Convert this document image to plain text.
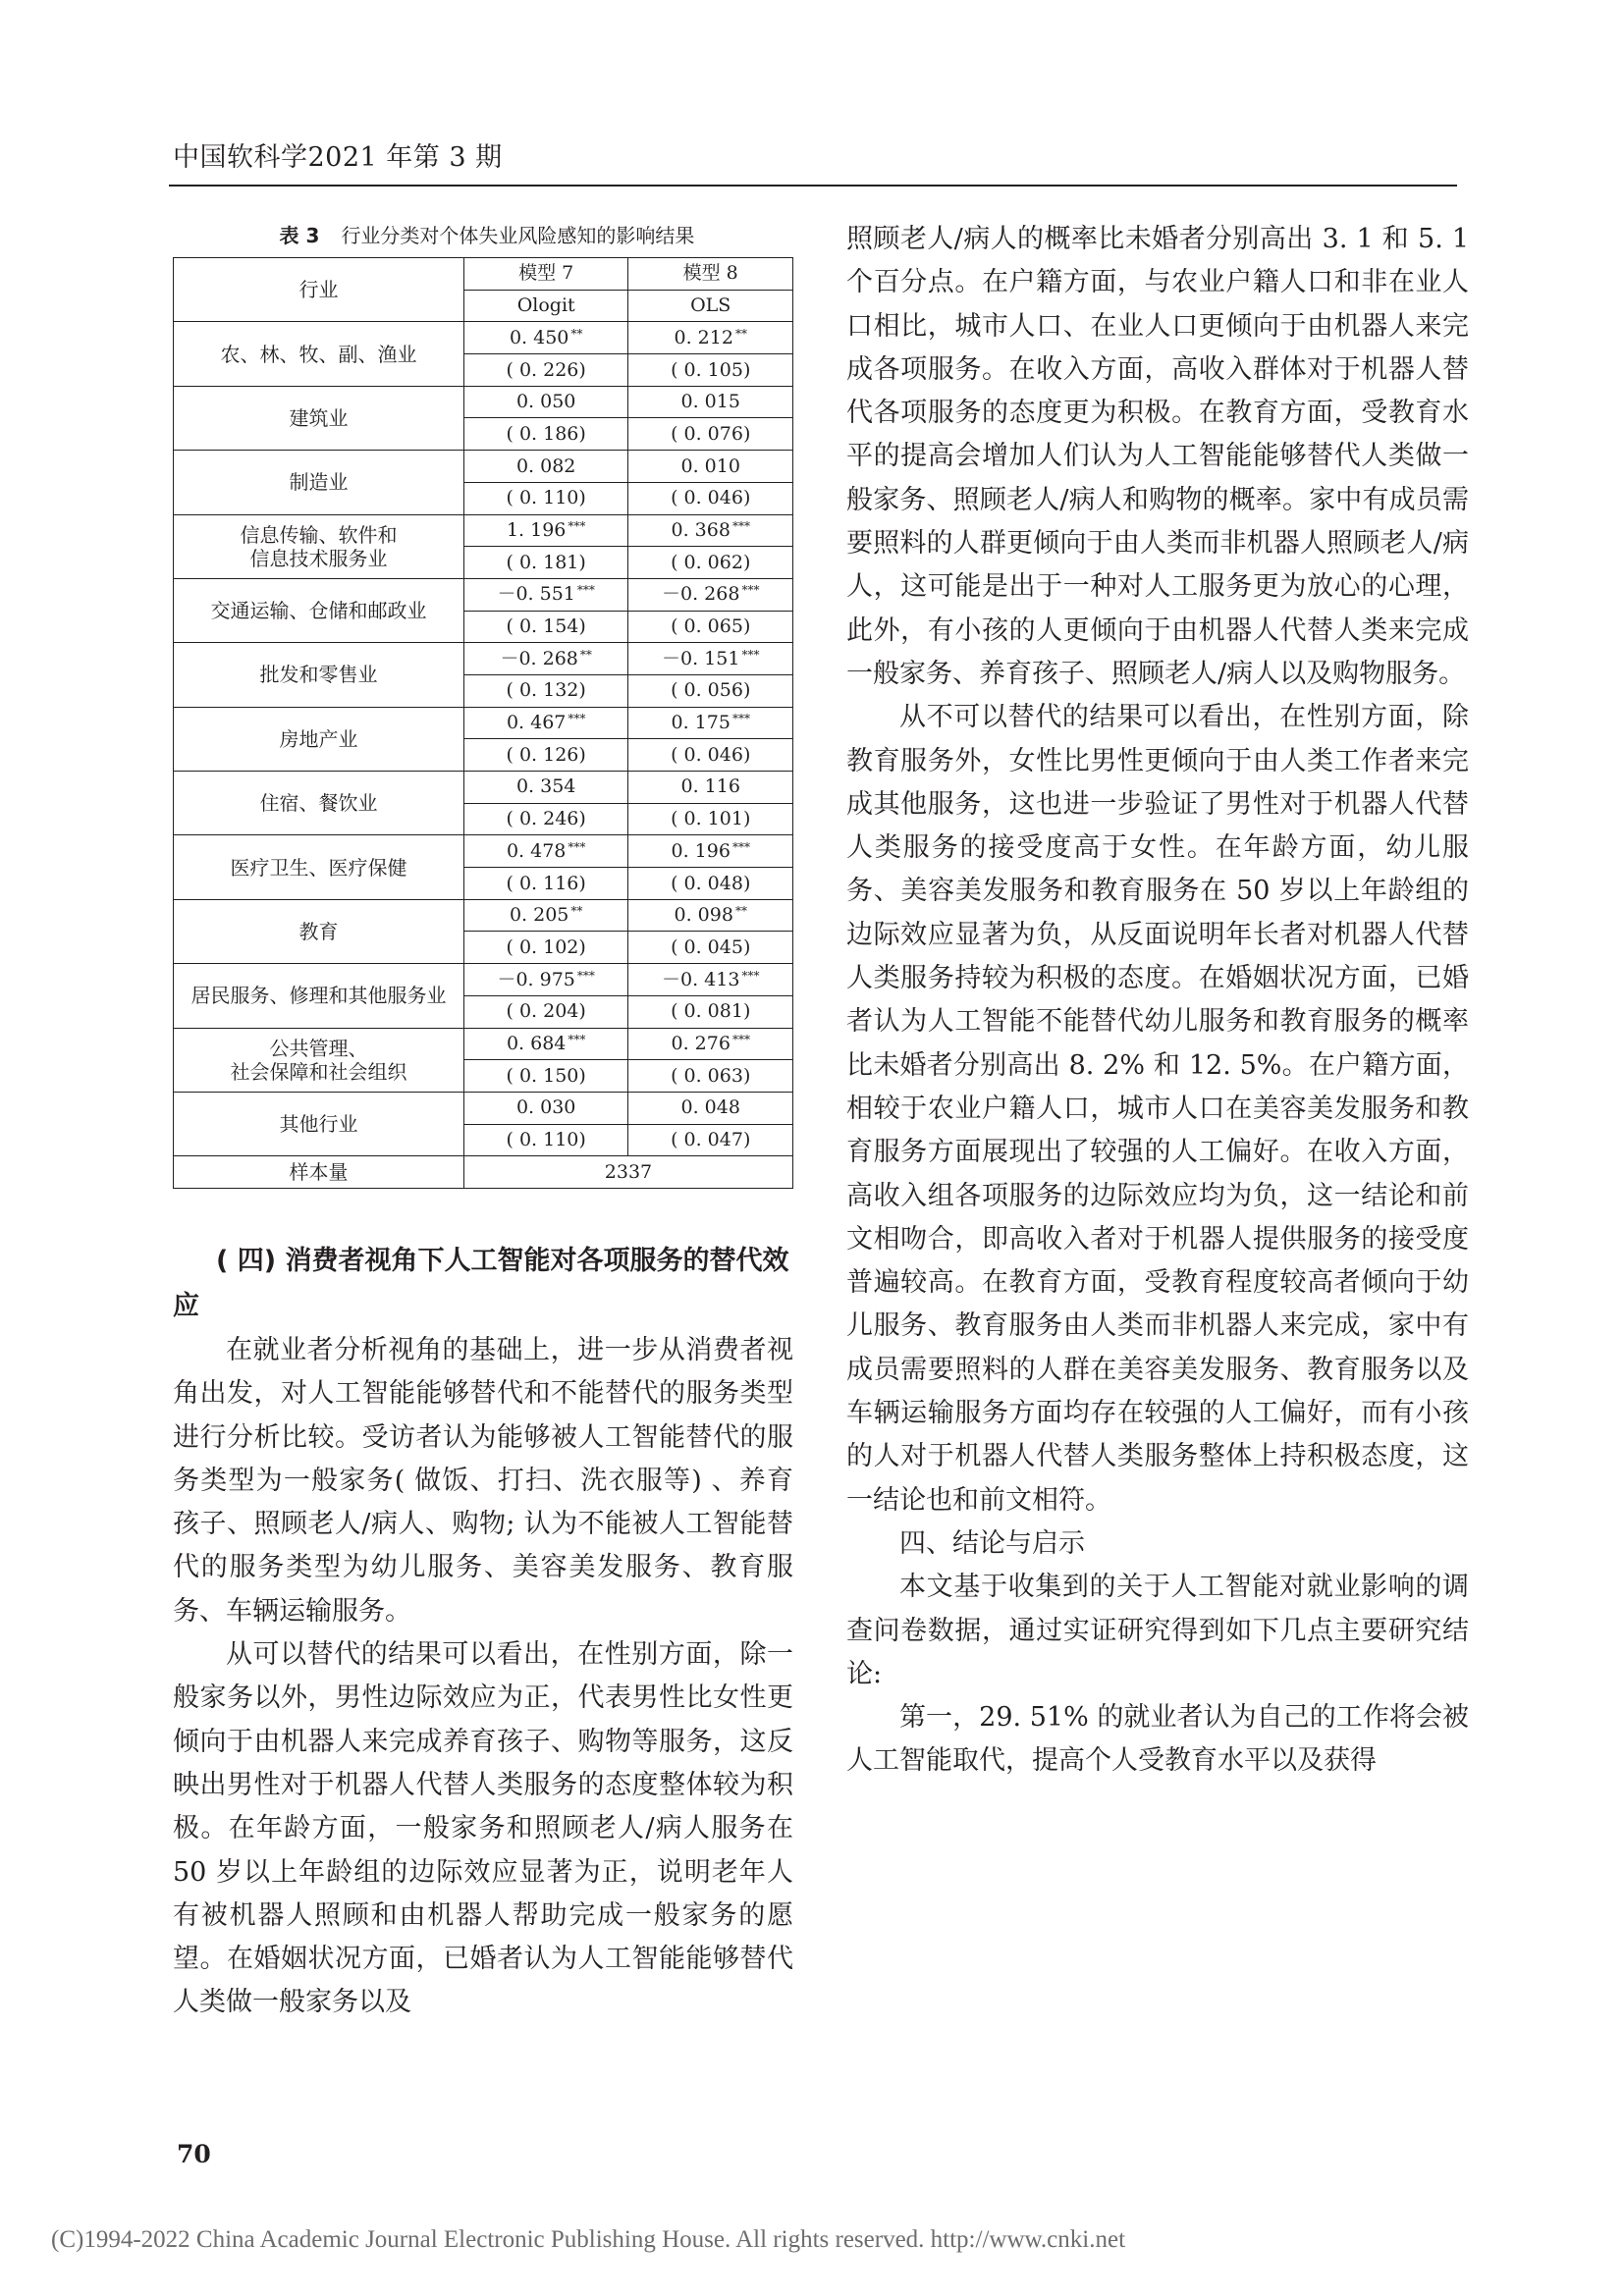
中国软科学2021 年第 3 期
表 3 行业分类对个体失业风险感知的影响结果
行业	模型 7	模型 8
	Ologit	OLS

农、林、牧、副、渔业	0. 450 **	0. 212 **
	( 0. 226)	( 0. 105)

建筑业	0. 050	0. 015
	( 0. 186)	( 0. 076)

制造业	0. 082	0. 010
	( 0. 110)	( 0. 046)

信息传输、软件和
信息技术服务业	1. 196 ***	0. 368 ***
	( 0. 181)	( 0. 062)

交通运输、仓储和邮政业	－0. 551 ***	－0. 268 ***
	( 0. 154)	( 0. 065)

批发和零售业	－0. 268 **	－0. 151 ***
	( 0. 132)	( 0. 056)

房地产业	0. 467 ***	0. 175 ***
	( 0. 126)	( 0. 046)

住宿、餐饮业	0. 354	0. 116
	( 0. 246)	( 0. 101)

医疗卫生、医疗保健	0. 478 ***	0. 196 ***
	( 0. 116)	( 0. 048)

教育	0. 205 **	0. 098 **
	( 0. 102)	( 0. 045)

居民服务、修理和其他服务业	－0. 975 ***	－0. 413 ***
	( 0. 204)	( 0. 081)

公共管理、
社会保障和社会组织	0. 684 ***	0. 276 ***
	( 0. 150)	( 0. 063)

其他行业	0. 030	0. 048
	( 0. 110)	( 0. 047)
样本量	2337	
( 四) 消费者视角下人工智能对各项服务的替代效应

在就业者分析视角的基础上，进一步从消费者视角出发，对人工智能能够替代和不能替代的服务类型进行分析比较。受访者认为能够被人工智能替代的服务类型为一般家务( 做饭、打扫、洗衣服等) 、养育孩子、照顾老人/病人、购物; 认为不能被人工智能替代的服务类型为幼儿服务、美容美发服务、教育服务、车辆运输服务。

从可以替代的结果可以看出，在性别方面，除一般家务以外，男性边际效应为正，代表男性比女性更倾向于由机器人来完成养育孩子、购物等服务，这反映出男性对于机器人代替人类服务的态度整体较为积极。在年龄方面，一般家务和照顾老人/病人服务在 50 岁以上年龄组的边际效应显著为正，说明老年人有被机器人照顾和由机器人帮助完成一般家务的愿望。在婚姻状况方面，已婚者认为人工智能能够替代人类做一般家务以及

照顾老人/病人的概率比未婚者分别高出 3. 1 和 5. 1 个百分点。在户籍方面，与农业户籍人口和非在业人口相比，城市人口、在业人口更倾向于由机器人来完成各项服务。在收入方面，高收入群体对于机器人替代各项服务的态度更为积极。在教育方面，受教育水平的提高会增加人们认为人工智能能够替代人类做一般家务、照顾老人/病人和购物的概率。家中有成员需要照料的人群更倾向于由人类而非机器人照顾老人/病人，这可能是出于一种对人工服务更为放心的心理，此外，有小孩的人更倾向于由机器人代替人类来完成一般家务、养育孩子、照顾老人/病人以及购物服务。

从不可以替代的结果可以看出，在性别方面，除教育服务外，女性比男性更倾向于由人类工作者来完成其他服务，这也进一步验证了男性对于机器人代替人类服务的接受度高于女性。在年龄方面，幼儿服务、美容美发服务和教育服务在 50 岁以上年龄组的边际效应显著为负，从反面说明年长者对机器人代替人类服务持较为积极的态度。在婚姻状况方面，已婚者认为人工智能不能替代幼儿服务和教育服务的概率比未婚者分别高出 8. 2% 和 12. 5%。在户籍方面，相较于农业户籍人口，城市人口在美容美发服务和教育服务方面展现出了较强的人工偏好。在收入方面，高收入组各项服务的边际效应均为负，这一结论和前文相吻合，即高收入者对于机器人提供服务的接受度普遍较高。在教育方面，受教育程度较高者倾向于幼儿服务、教育服务由人类而非机器人来完成，家中有成员需要照料的人群在美容美发服务、教育服务以及车辆运输服务方面均存在较强的人工偏好，而有小孩的人对于机器人代替人类服务整体上持积极态度，这一结论也和前文相符。

四、结论与启示

本文基于收集到的关于人工智能对就业影响的调查问卷数据，通过实证研究得到如下几点主要研究结论:

第一，29. 51% 的就业者认为自己的工作将会被人工智能取代，提高个人受教育水平以及获得

70
(C)1994-2022 China Academic Journal Electronic Publishing House. All rights reserved. http://www.cnki.net
